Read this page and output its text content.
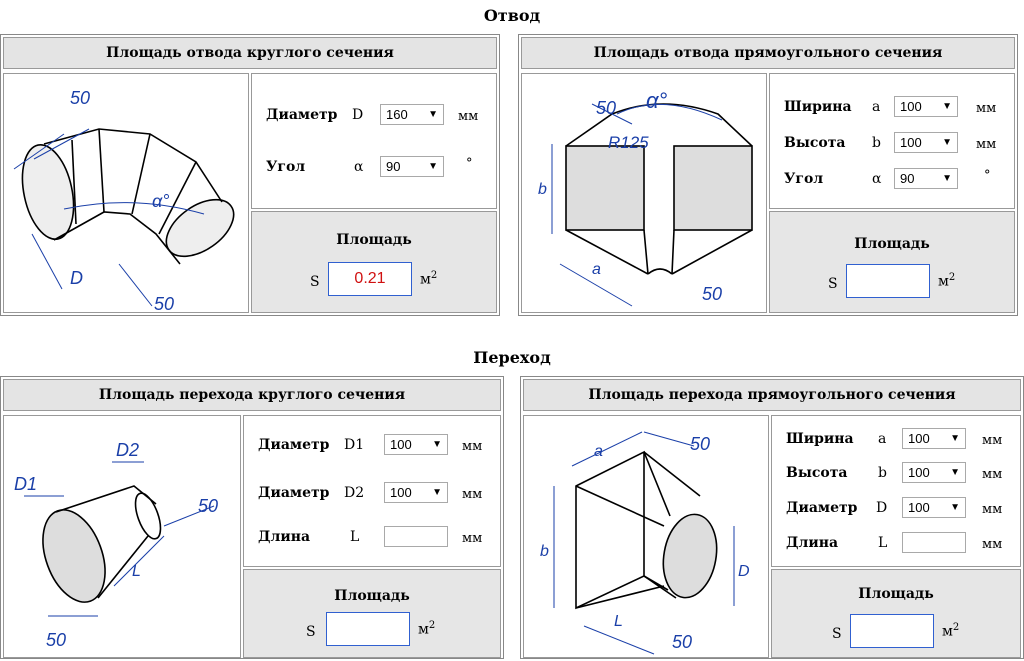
Отвод
Площадь отвода круглого сечения
50
α°
D
50
Диаметр D	160 ▼ мм
Угол	α	90	▼ °
Площадь
S	0.21	$м^2$
Площадь отвода прямоугольного сечения
50 α°
R125
b
a
50
Ширина a	100 ▼ мм
Высота b	100 ▼ мм
Угол	α	90	▼ °
Площадь
S	$м^2$
Переход
Площадь перехода круглого сечения
D1
D2
50
50
L
Диаметр D1	100 ▼ мм
Диаметр D2	100 ▼ мм
Длина	L	мм
Площадь
S	$м^2$
Площадь перехода прямоугольного сечения
a	50
b
D
L
50
Ширина a	100 ▼ мм
Высота b	100 ▼ мм
Диаметр D	100 ▼ мм
Длина	L	мм
Площадь
S	$м^2$
